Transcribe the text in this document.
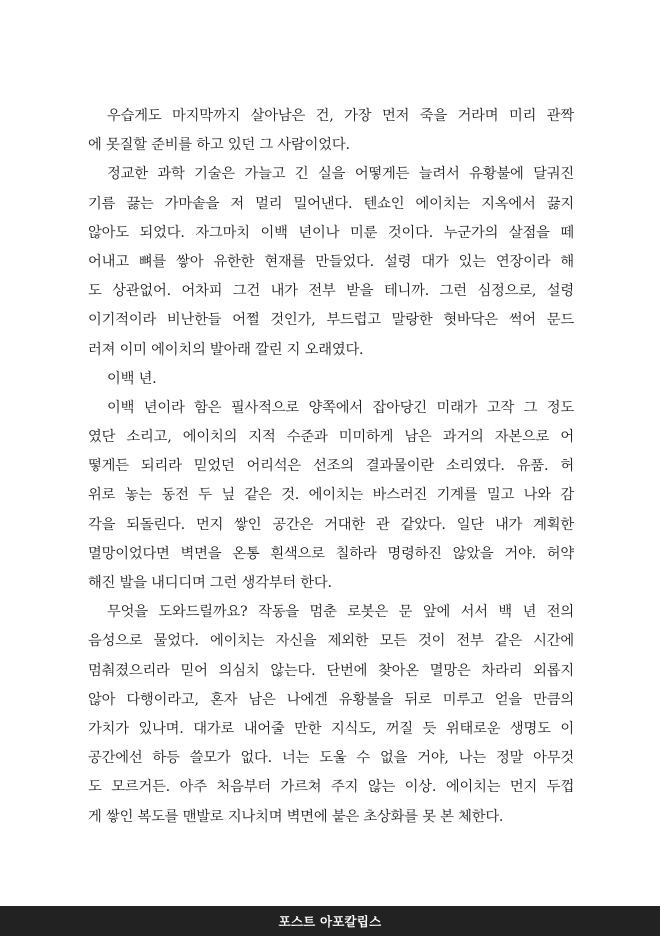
우습게도 마지막까지 살아남은 건, 가장 먼저 죽을 거라며 미리 관짝
에 못질할 준비를 하고 있던 그 사람이었다.
정교한 과학 기술은 가늘고 긴 실을 어떻게든 늘려서 유황불에 달궈진
기름 끓는 가마솥을 저 멀리 밀어낸다. 텐쇼인 에이치는 지옥에서 끓지
않아도 되었다. 자그마치 이백 년이나 미룬 것이다. 누군가의 살점을 떼
어내고 뼈를 쌓아 유한한 현재를 만들었다. 설령 대가 있는 연장이라 해
도 상관없어. 어차피 그건 내가 전부 받을 테니까. 그런 심정으로, 설령
이기적이라 비난한들 어쩔 것인가, 부드럽고 말랑한 혓바닥은 썩어 문드
러져 이미 에이치의 발아래 깔린 지 오래였다.
이백 년.
이백 년이라 함은 필사적으로 양쪽에서 잡아당긴 미래가 고작 그 정도
였단 소리고, 에이치의 지적 수준과 미미하게 남은 과거의 자본으로 어
떻게든 되리라 믿었던 어리석은 선조의 결과물이란 소리였다. 유품. 허
위로 놓는 동전 두 닢 같은 것. 에이치는 바스러진 기계를 밀고 나와 감
각을 되돌린다. 먼지 쌓인 공간은 거대한 관 같았다. 일단 내가 계획한
멸망이었다면 벽면을 온통 흰색으로 칠하라 명령하진 않았을 거야. 허약
해진 발을 내디디며 그런 생각부터 한다.
무엇을 도와드릴까요? 작동을 멈춘 로봇은 문 앞에 서서 백 년 전의
음성으로 물었다. 에이치는 자신을 제외한 모든 것이 전부 같은 시간에
멈춰졌으리라 믿어 의심치 않는다. 단번에 찾아온 멸망은 차라리 외롭지
않아 다행이라고, 혼자 남은 나에겐 유황불을 뒤로 미루고 얻을 만큼의
가치가 있나며. 대가로 내어줄 만한 지식도, 꺼질 듯 위태로운 생명도 이
공간에선 하등 쓸모가 없다. 너는 도울 수 없을 거야, 나는 정말 아무것
도 모르거든. 아주 처음부터 가르쳐 주지 않는 이상. 에이치는 먼지 두껍
게 쌓인 복도를 맨발로 지나치며 벽면에 붙은 초상화를 못 본 체한다.
포스트 아포칼립스
